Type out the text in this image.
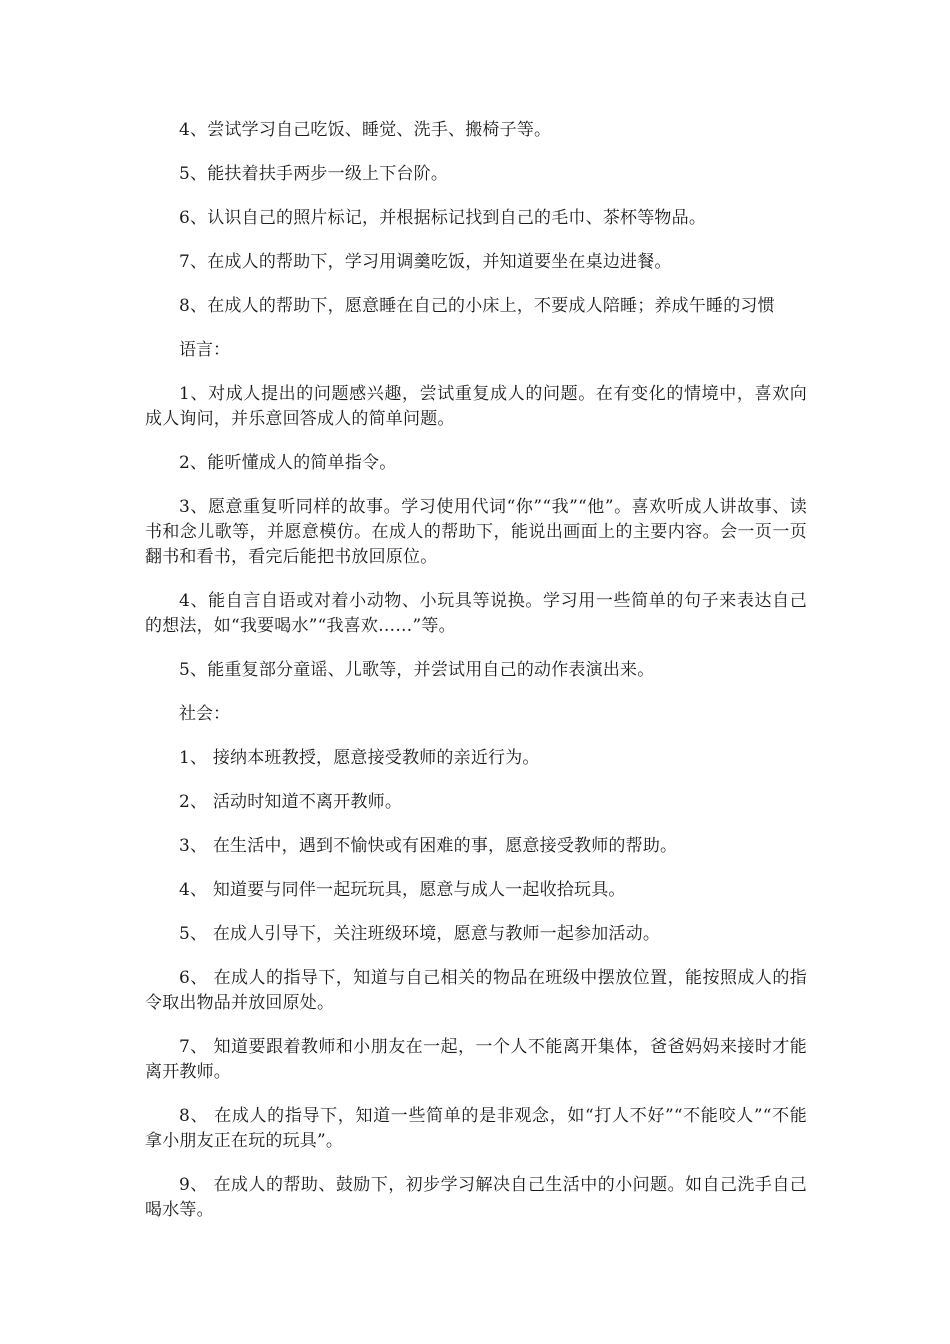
4、尝试学习自己吃饭、睡觉、洗手、搬椅子等。

5、能扶着扶手两步一级上下台阶。

6、认识自己的照片标记，并根据标记找到自己的毛巾、茶杯等物品。

7、在成人的帮助下，学习用调羹吃饭，并知道要坐在桌边进餐。

8、在成人的帮助下，愿意睡在自己的小床上，不要成人陪睡；养成午睡的习惯

语言：

1、对成人提出的问题感兴趣，尝试重复成人的问题。在有变化的情境中，喜欢向成人询问，并乐意回答成人的简单问题。

2、能听懂成人的简单指令。

3、愿意重复听同样的故事。学习使用代词“你”“我”“他”。喜欢听成人讲故事、读书和念儿歌等，并愿意模仿。在成人的帮助下，能说出画面上的主要内容。会一页一页翻书和看书，看完后能把书放回原位。

4、能自言自语或对着小动物、小玩具等说换。学习用一些简单的句子来表达自己的想法，如“我要喝水”“我喜欢……”等。

5、能重复部分童谣、儿歌等，并尝试用自己的动作表演出来。

社会：

1、 接纳本班教授，愿意接受教师的亲近行为。

2、 活动时知道不离开教师。

3、 在生活中，遇到不愉快或有困难的事，愿意接受教师的帮助。

4、 知道要与同伴一起玩玩具，愿意与成人一起收拾玩具。

5、 在成人引导下，关注班级环境，愿意与教师一起参加活动。

6、 在成人的指导下，知道与自己相关的物品在班级中摆放位置，能按照成人的指令取出物品并放回原处。

7、 知道要跟着教师和小朋友在一起，一个人不能离开集体，爸爸妈妈来接时才能离开教师。

8、 在成人的指导下，知道一些简单的是非观念，如“打人不好”“不能咬人”“不能拿小朋友正在玩的玩具”。

9、 在成人的帮助、鼓励下，初步学习解决自己生活中的小问题。如自己洗手自己喝水等。
